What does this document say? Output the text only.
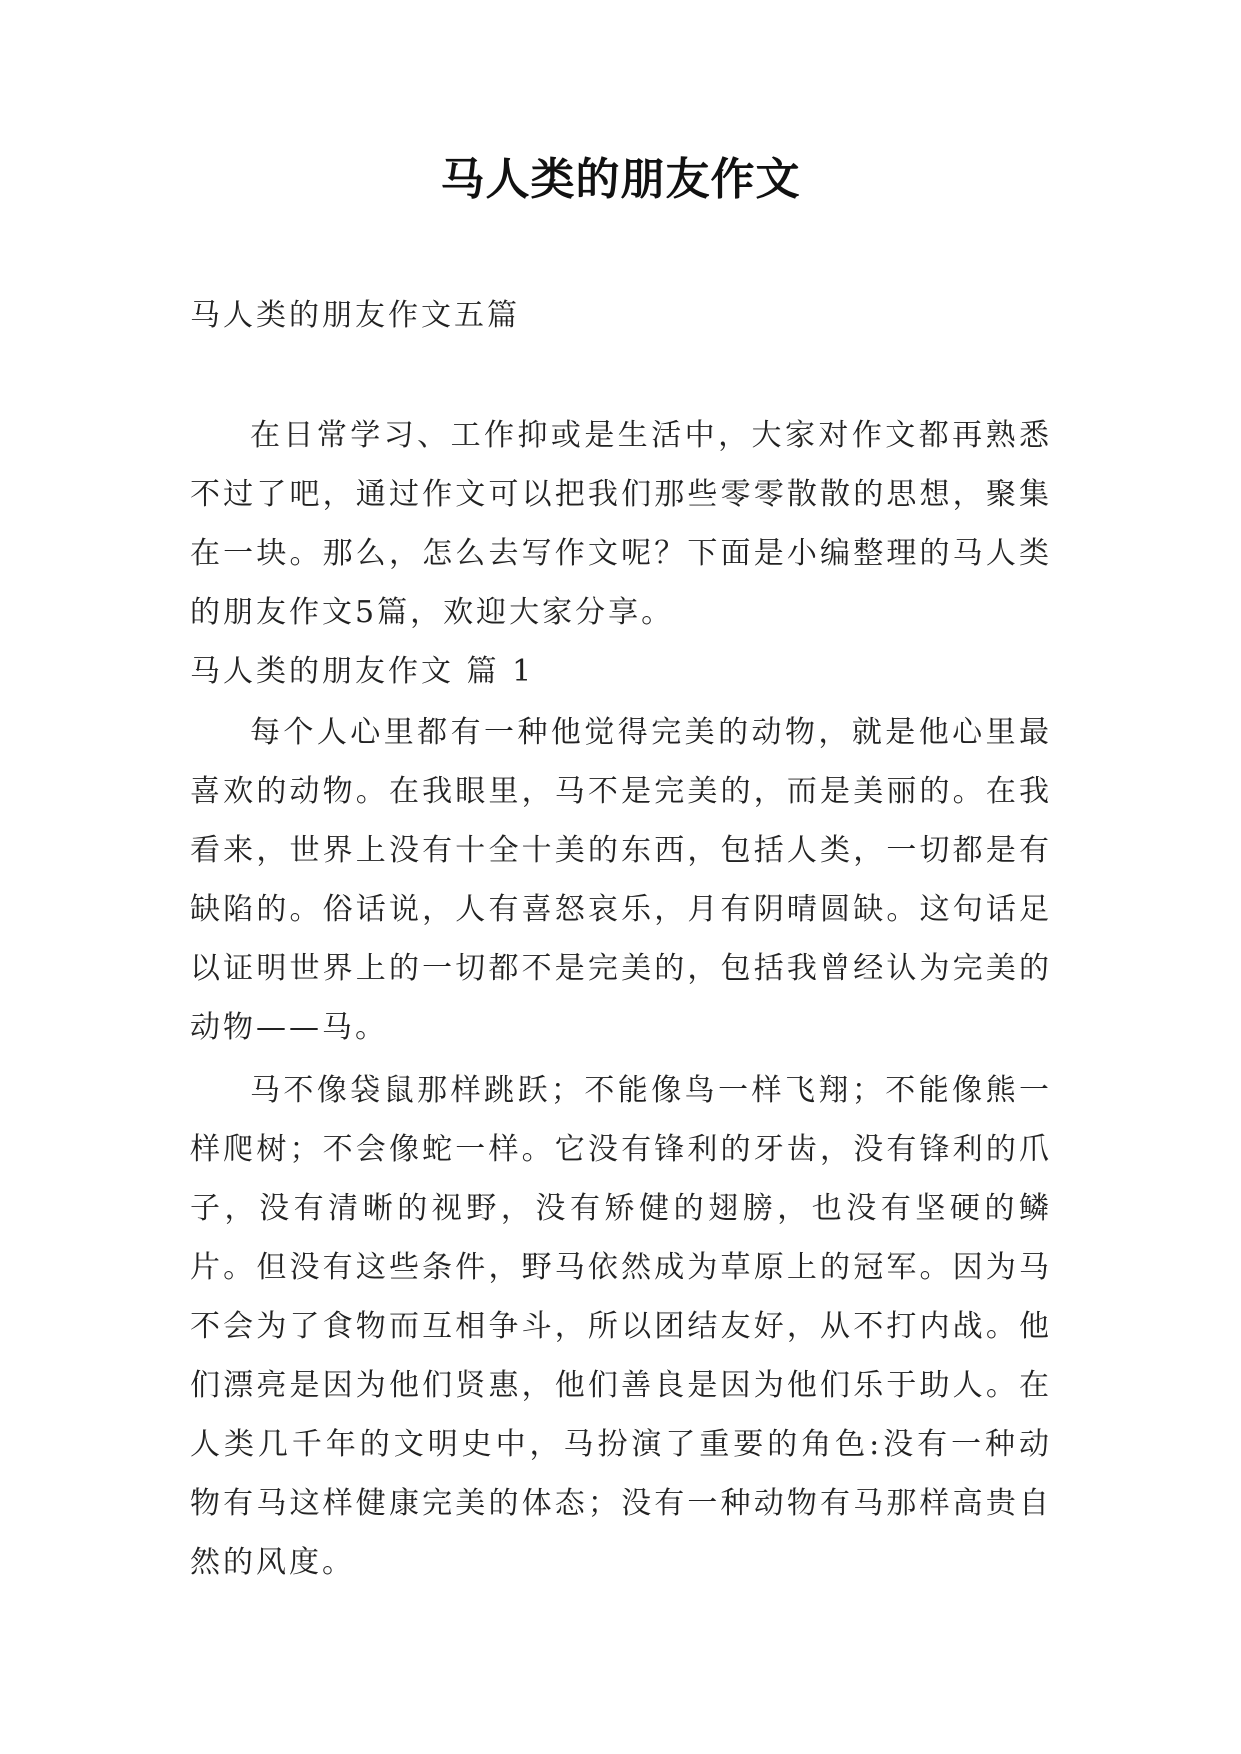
马人类的朋友作文

马人类的朋友作文五篇

在日常学习、工作抑或是生活中，大家对作文都再熟悉不过了吧，通过作文可以把我们那些零零散散的思想，聚集在一块。那么，怎么去写作文呢？下面是小编整理的马人类的朋友作文5篇，欢迎大家分享。

马人类的朋友作文 篇 1

每个人心里都有一种他觉得完美的动物，就是他心里最喜欢的动物。在我眼里，马不是完美的，而是美丽的。在我看来，世界上没有十全十美的东西，包括人类，一切都是有缺陷的。俗话说，人有喜怒哀乐，月有阴晴圆缺。这句话足以证明世界上的一切都不是完美的，包括我曾经认为完美的动物——马。

马不像袋鼠那样跳跃；不能像鸟一样飞翔；不能像熊一样爬树；不会像蛇一样。它没有锋利的牙齿，没有锋利的爪子，没有清晰的视野，没有矫健的翅膀，也没有坚硬的鳞片。但没有这些条件，野马依然成为草原上的冠军。因为马不会为了食物而互相争斗，所以团结友好，从不打内战。他们漂亮是因为他们贤惠，他们善良是因为他们乐于助人。在人类几千年的文明史中，马扮演了重要的角色:没有一种动物有马这样健康完美的体态；没有一种动物有马那样高贵自然的风度。
